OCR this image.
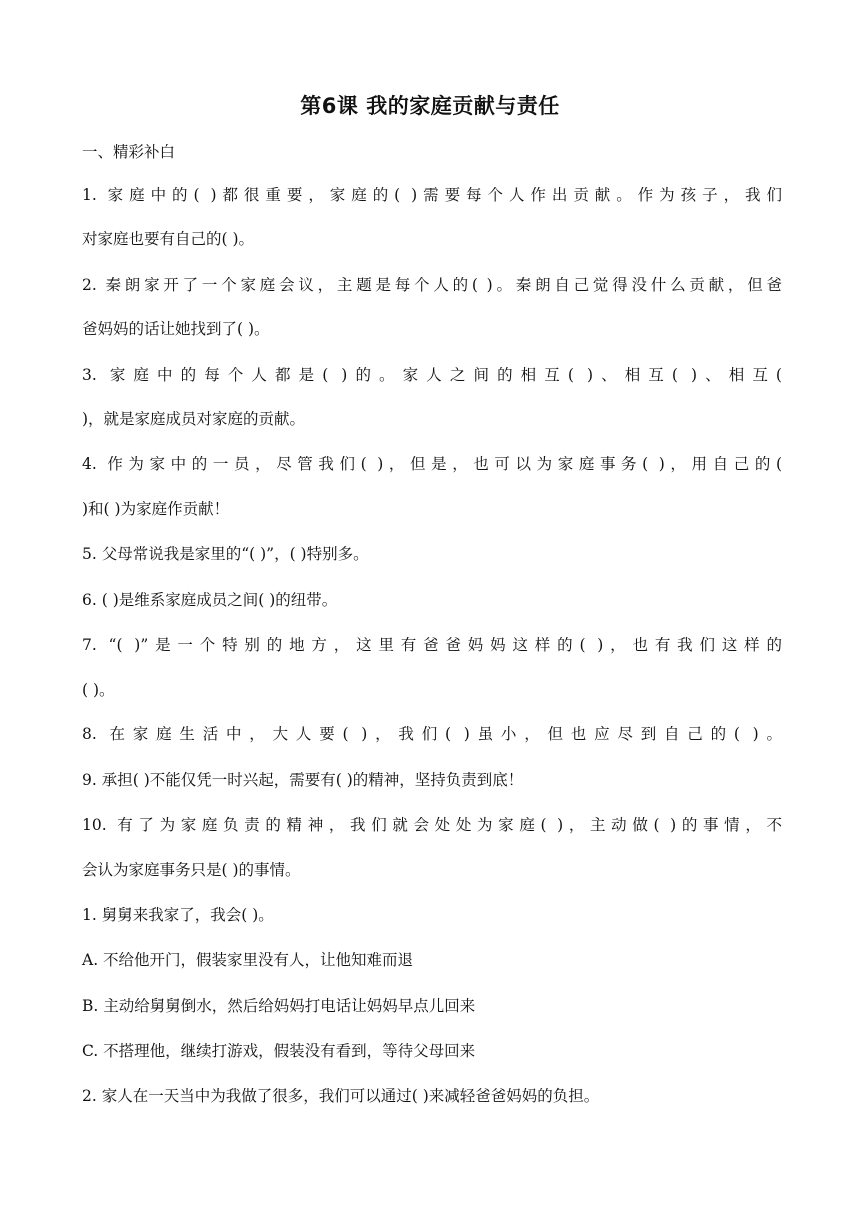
第6课 我的家庭贡献与责任
一、精彩补白
1. 家庭中的( )都很重要，家庭的( )需要每个人作出贡献。作为孩子，我们
对家庭也要有自己的( )。
2. 秦朗家开了一个家庭会议，主题是每个人的( )。秦朗自己觉得没什么贡献，但爸
爸妈妈的话让她找到了( )。
3. 家庭中的每个人都是( )的。家人之间的相互( )、相互( )、相互(
)，就是家庭成员对家庭的贡献。
4. 作为家中的一员，尽管我们( )，但是，也可以为家庭事务( )，用自己的(
)和( )为家庭作贡献！
5. 父母常说我是家里的“( )”，( )特别多。
6. ( )是维系家庭成员之间( )的纽带。
7. “( )”是一个特别的地方，这里有爸爸妈妈这样的( )，也有我们这样的
( )。
8. 在家庭生活中，大人要( )，我们( )虽小，但也应尽到自己的( )。
9. 承担( )不能仅凭一时兴起，需要有( )的精神，坚持负责到底！
10. 有了为家庭负责的精神，我们就会处处为家庭( )，主动做( )的事情，不
会认为家庭事务只是( )的事情。
1. 舅舅来我家了，我会( )。
A. 不给他开门，假装家里没有人，让他知难而退
B. 主动给舅舅倒水，然后给妈妈打电话让妈妈早点儿回来
C. 不搭理他，继续打游戏，假装没有看到，等待父母回来
2. 家人在一天当中为我做了很多，我们可以通过( )来减轻爸爸妈妈的负担。
